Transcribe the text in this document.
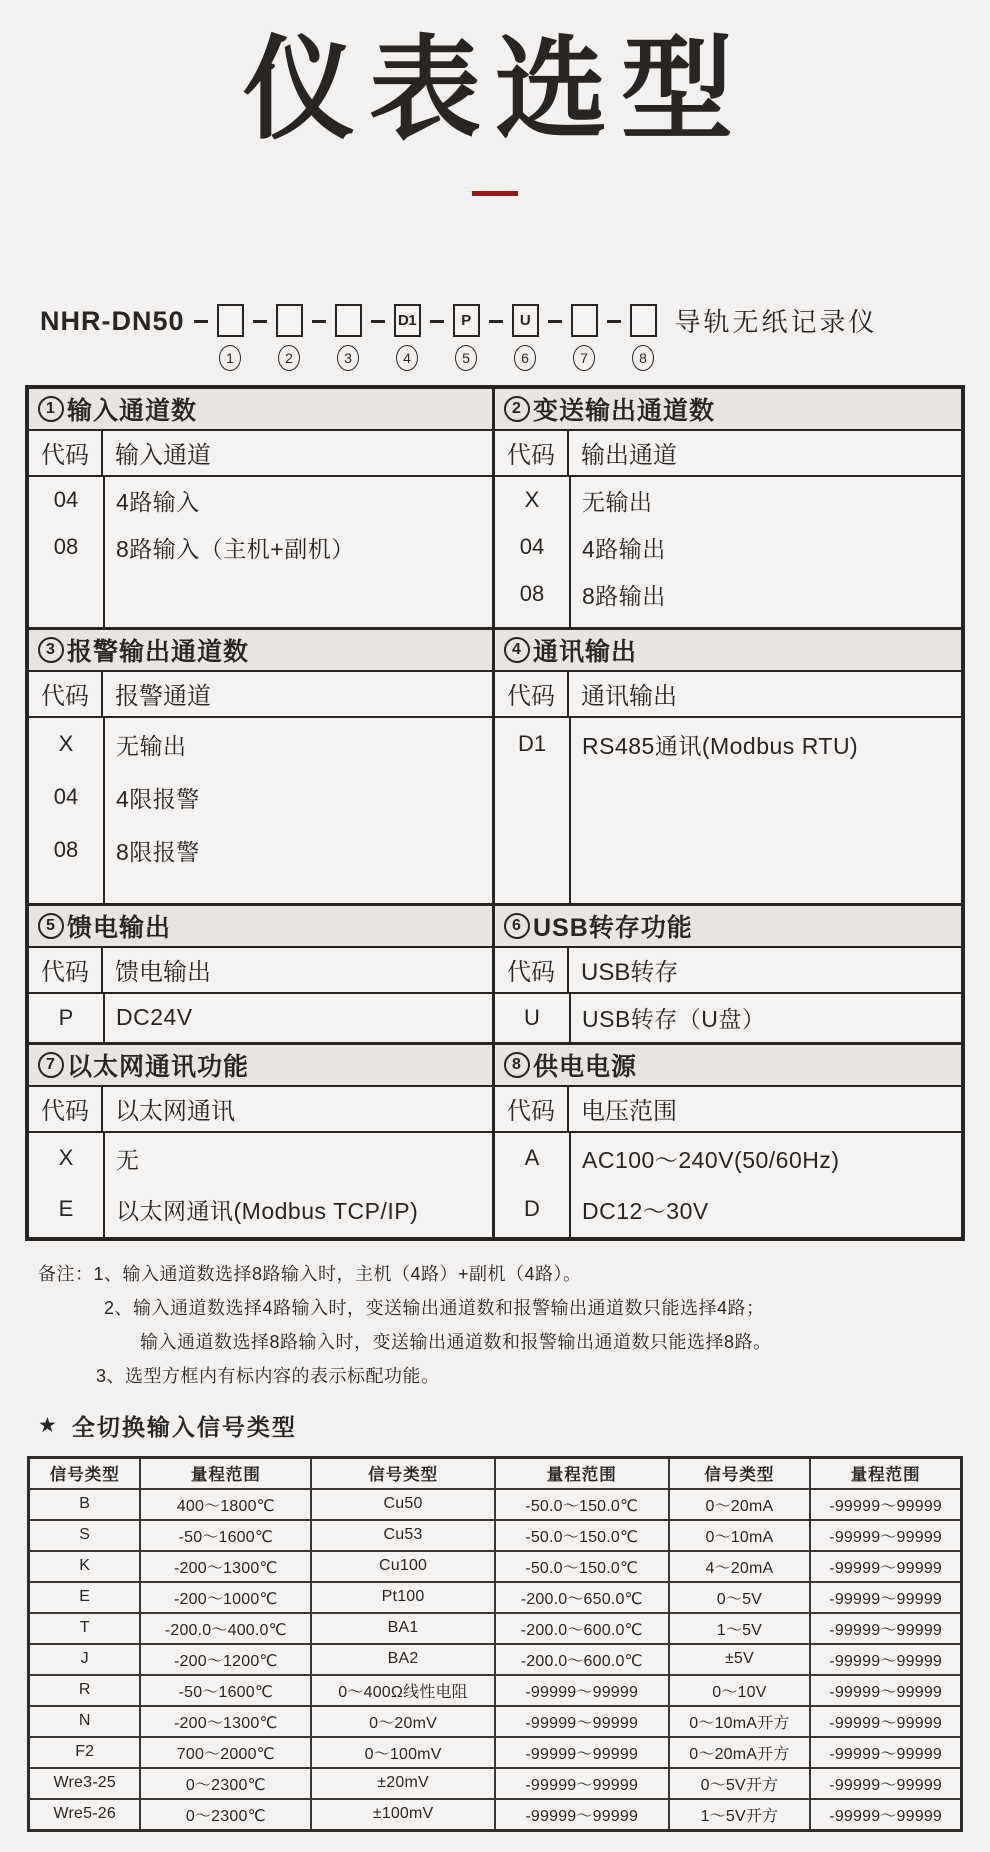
仪表选型
NHR-DN50
1	2	3
D1
4
P
5
U
6	7	8
导轨无纸记录仪
1 输入通道数
代码	输入通道
04	4路输入
08	8路输入（主机+副机）
2 变送输出通道数
代码	输出通道
X	无输出
04	4路输出
08	8路输出
3 报警输出通道数
代码	报警通道
X	无输出
04	4限报警
08	8限报警
4 通讯输出
代码	通讯输出
D1	RS485通讯(Modbus RTU)
5 馈电输出
代码	馈电输出
P	DC24V
6 USB转存功能
代码	USB转存
U	USB转存（U盘）
7 以太网通讯功能
代码	以太网通讯
X	无
E	以太网通讯(Modbus TCP/IP)
8 供电电源
代码	电压范围
A	AC100～240V(50/60Hz)
D	DC12～30V
备注：1、输入通道数选择8路输入时，主机（4路）+副机（4路）。
2、输入通道数选择4路输入时，变送输出通道数和报警输出通道数只能选择4路；
输入通道数选择8路输入时，变送输出通道数和报警输出通道数只能选择8路。
3、选型方框内有标内容的表示标配功能。
★ 全切换输入信号类型
信号类型	量程范围	信号类型	量程范围	信号类型	量程范围
B	400～1800℃	Cu50	-50.0～150.0℃	0～20mA	-99999～99999
S	-50～1600℃	Cu53	-50.0～150.0℃	0～10mA	-99999～99999
K	-200～1300℃	Cu100	-50.0～150.0℃	4～20mA	-99999～99999
E	-200～1000℃	Pt100	-200.0～650.0℃	0～5V	-99999～99999
T	-200.0～400.0℃	BA1	-200.0～600.0℃	1～5V	-99999～99999
J	-200～1200℃	BA2	-200.0～600.0℃	±5V	-99999～99999
R	-50～1600℃	0～400Ω线性电阻	-99999～99999	0～10V	-99999～99999
N	-200～1300℃	0～20mV	-99999～99999	0～10mA开方	-99999～99999
F2	700～2000℃	0～100mV	-99999～99999	0～20mA开方	-99999～99999
Wre3-25	0～2300℃	±20mV	-99999～99999	0～5V开方	-99999～99999
Wre5-26	0～2300℃	±100mV	-99999～99999	1～5V开方	-99999～99999
